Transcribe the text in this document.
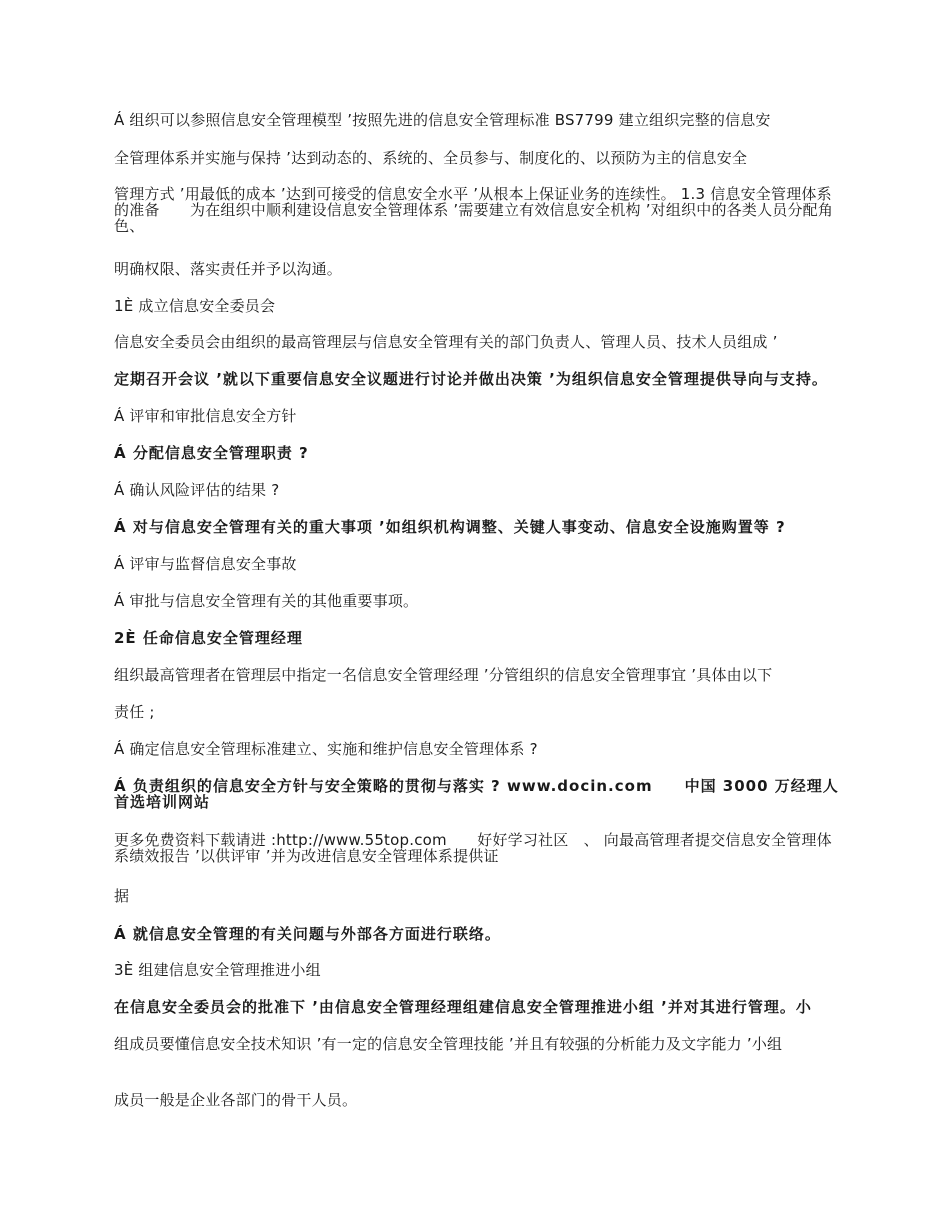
Á 组织可以参照信息安全管理模型 ’按照先进的信息安全管理标准 BS7799 建立组织完整的信息安
全管理体系并实施与保持 ’达到动态的、系统的、全员参与、制度化的、以预防为主的信息安全
管理方式 ’用最低的成本 ’达到可接受的信息安全水平 ’从根本上保证业务的连续性。 1.3 信息安全管理体系的准备　　为在组织中顺利建设信息安全管理体系 ’需要建立有效信息安全机构 ’对组织中的各类人员分配角色、
明确权限、落实责任并予以沟通。
1È 成立信息安全委员会
信息安全委员会由组织的最高管理层与信息安全管理有关的部门负责人、管理人员、技术人员组成 ’
定期召开会议 ’就以下重要信息安全议题进行讨论并做出决策 ’为组织信息安全管理提供导向与支持。
Á 评审和审批信息安全方针
Á 分配信息安全管理职责 ?
Á 确认风险评估的结果 ?
Á 对与信息安全管理有关的重大事项 ’如组织机构调整、关键人事变动、信息安全设施购置等 ?
Á 评审与监督信息安全事故
Á 审批与信息安全管理有关的其他重要事项。
2È 任命信息安全管理经理
组织最高管理者在管理层中指定一名信息安全管理经理 ’分管组织的信息安全管理事宜 ’具体由以下
责任 ;
Á 确定信息安全管理标准建立、实施和维护信息安全管理体系 ?
Á 负责组织的信息安全方针与安全策略的贯彻与落实 ? www.docin.com　　中国 3000 万经理人首选培训网站
更多免费资料下载请进 :http://www.55top.com　　好好学习社区　、 向最高管理者提交信息安全管理体系绩效报告 ’以供评审 ’并为改进信息安全管理体系提供证
据
Á 就信息安全管理的有关问题与外部各方面进行联络。
3È 组建信息安全管理推进小组
在信息安全委员会的批准下 ’由信息安全管理经理组建信息安全管理推进小组 ’并对其进行管理。小
组成员要懂信息安全技术知识 ’有一定的信息安全管理技能 ’并且有较强的分析能力及文字能力 ’小组
成员一般是企业各部门的骨干人员。
